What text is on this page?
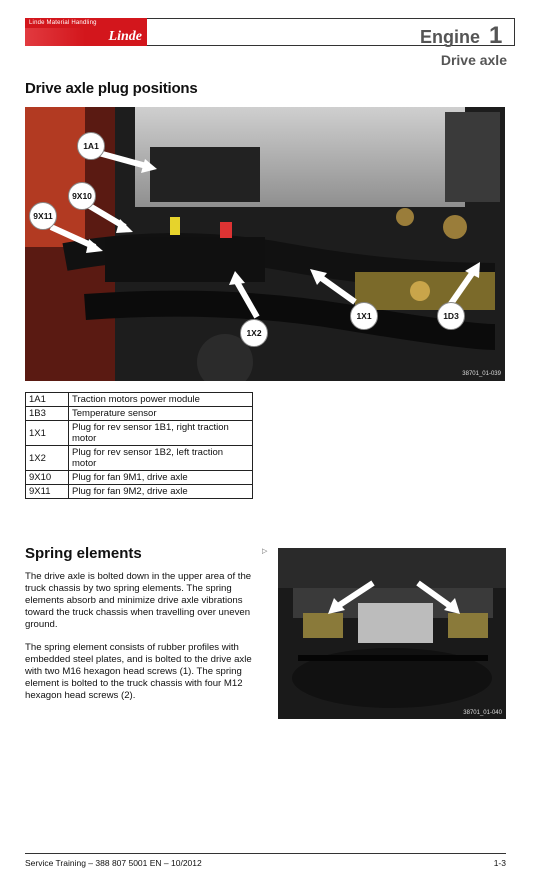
Linde Material Handling
Linde	Engine 1
Drive axle
Drive axle plug positions
1A1
9X10
9X11
1X2
1X1	1D3
38701_01-039
1A1	Traction motors power module
1B3	Temperature sensor
1X1	Plug for rev sensor 1B1, right traction motor
1X2	Plug for rev sensor 1B2, left traction motor
9X10	Plug for fan 9M1, drive axle
9X11	Plug for fan 9M2, drive axle
Spring elements
The drive axle is bolted down in the upper area of the truck chassis by two spring elements. The spring elements absorb and minimize drive axle vibrations toward the truck chassis when travelling over uneven ground.
The spring element consists of rubber profiles with embedded steel plates, and is bolted to the drive axle with two M16 hexagon head screws (1). The spring element is bolted to the truck chassis with four M12 hexagon head screws (2).
▷
38701_01-040
Service Training – 388 807 5001 EN – 10/2012	1-3
